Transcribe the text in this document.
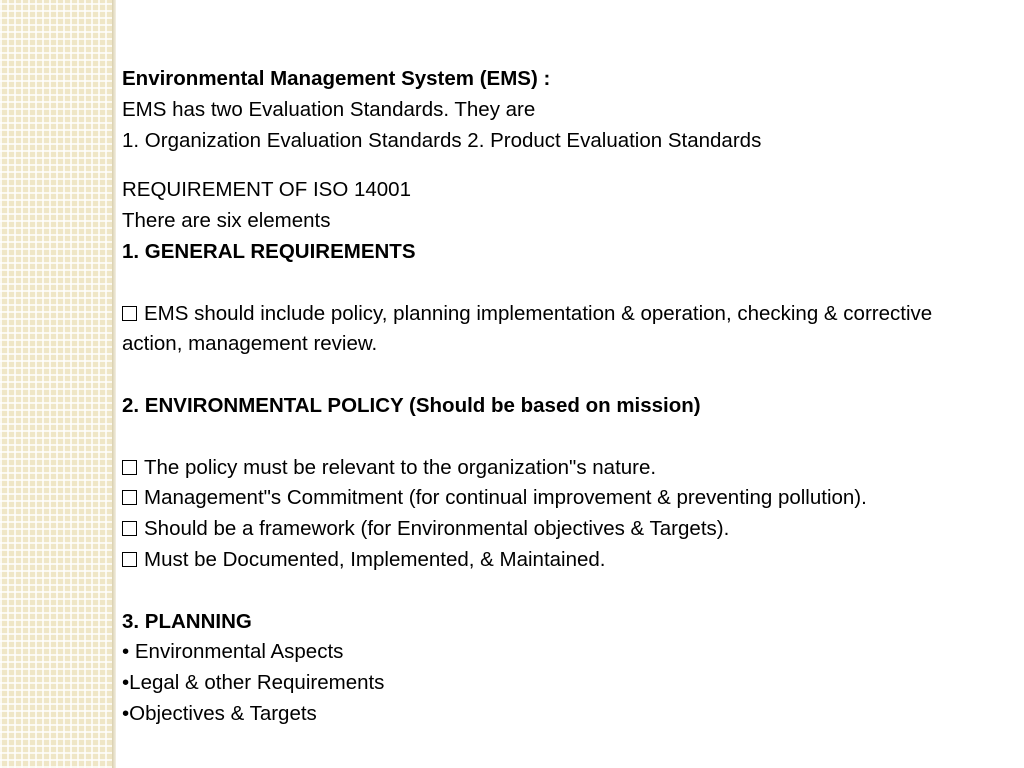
Environmental Management System (EMS) :
EMS has two Evaluation Standards. They are
1. Organization Evaluation Standards 2. Product Evaluation Standards
REQUIREMENT OF ISO 14001
There are six elements
1. GENERAL REQUIREMENTS
EMS should include policy, planning implementation & operation, checking & corrective action, management review.
2. ENVIRONMENTAL POLICY (Should be based on mission)
The policy must be relevant to the organization"s nature.
Management"s Commitment (for continual improvement & preventing pollution).
Should be a framework (for Environmental objectives & Targets).
Must be Documented, Implemented, & Maintained.
3. PLANNING
• Environmental Aspects
•Legal & other Requirements
•Objectives & Targets
